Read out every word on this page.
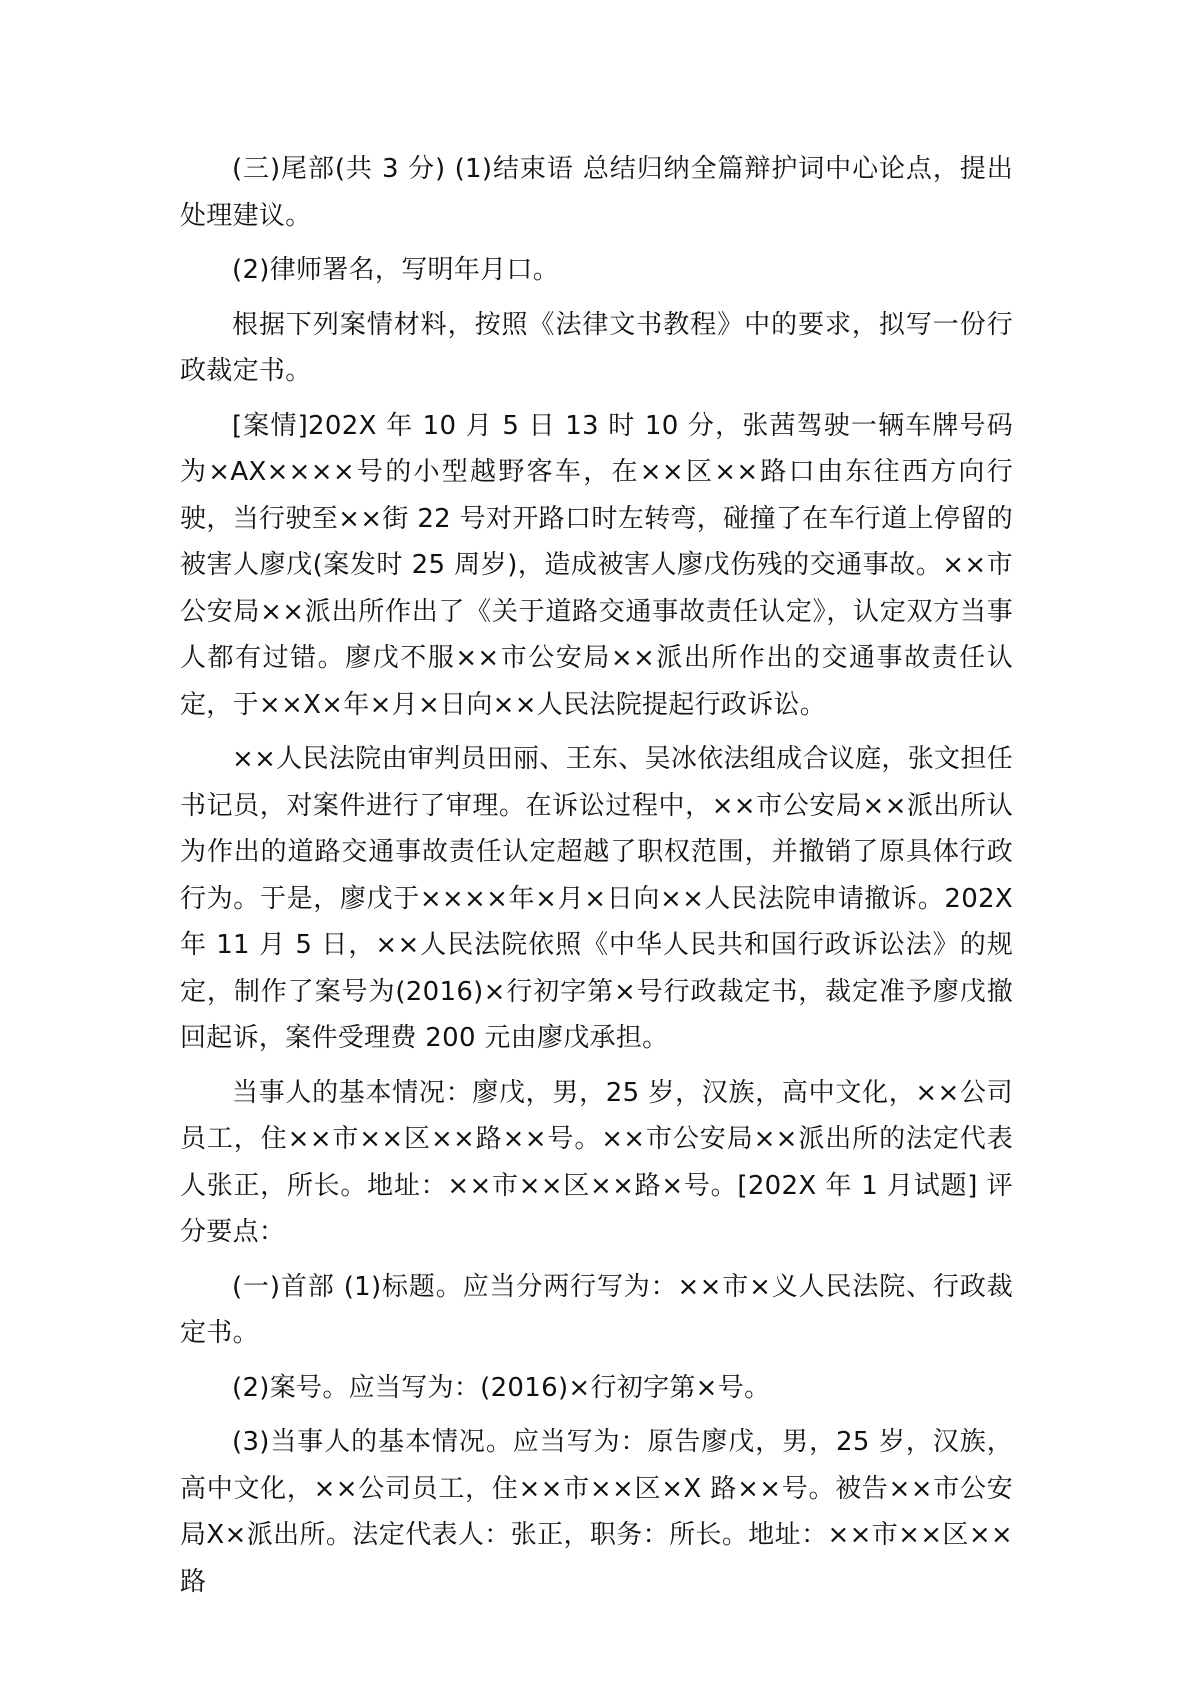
(三)尾部(共 3 分) (1)结束语 总结归纳全篇辩护词中心论点，提出处理建议。

(2)律师署名，写明年月口。

根据下列案情材料，按照《法律文书教程》中的要求，拟写一份行政裁定书。

[案情]202X 年 10 月 5 日 13 时 10 分，张茜驾驶一辆车牌号码为×AX××××号的小型越野客车，在××区××路口由东往西方向行驶，当行驶至××街 22 号对开路口时左转弯，碰撞了在车行道上停留的被害人廖戊(案发时 25 周岁)，造成被害人廖戊伤残的交通事故。××市公安局××派出所作出了《关于道路交通事故责任认定》，认定双方当事人都有过错。廖戊不服××市公安局××派出所作出的交通事故责任认定，于××X×年×月×日向××人民法院提起行政诉讼。

××人民法院由审判员田丽、王东、吴冰依法组成合议庭，张文担任书记员，对案件进行了审理。在诉讼过程中，××市公安局××派出所认为作出的道路交通事故责任认定超越了职权范围，并撤销了原具体行政行为。于是，廖戊于××××年×月×日向××人民法院申请撤诉。202X 年 11 月 5 日，××人民法院依照《中华人民共和国行政诉讼法》的规定，制作了案号为(2016)×行初字第×号行政裁定书，裁定准予廖戊撤回起诉，案件受理费 200 元由廖戊承担。

当事人的基本情况：廖戊，男，25 岁，汉族，高中文化，××公司员工，住××市××区××路××号。××市公安局××派出所的法定代表人张正，所长。地址：××市××区××路×号。[202X 年 1 月试题] 评分要点：

(一)首部 (1)标题。应当分两行写为：××市×义人民法院、行政裁定书。

(2)案号。应当写为：(2016)×行初字第×号。

(3)当事人的基本情况。应当写为：原告廖戊，男，25 岁，汉族，高中文化，××公司员工，住××市××区×X 路××号。被告××市公安局X×派出所。法定代表人：张正，职务：所长。地址：××市××区××路
